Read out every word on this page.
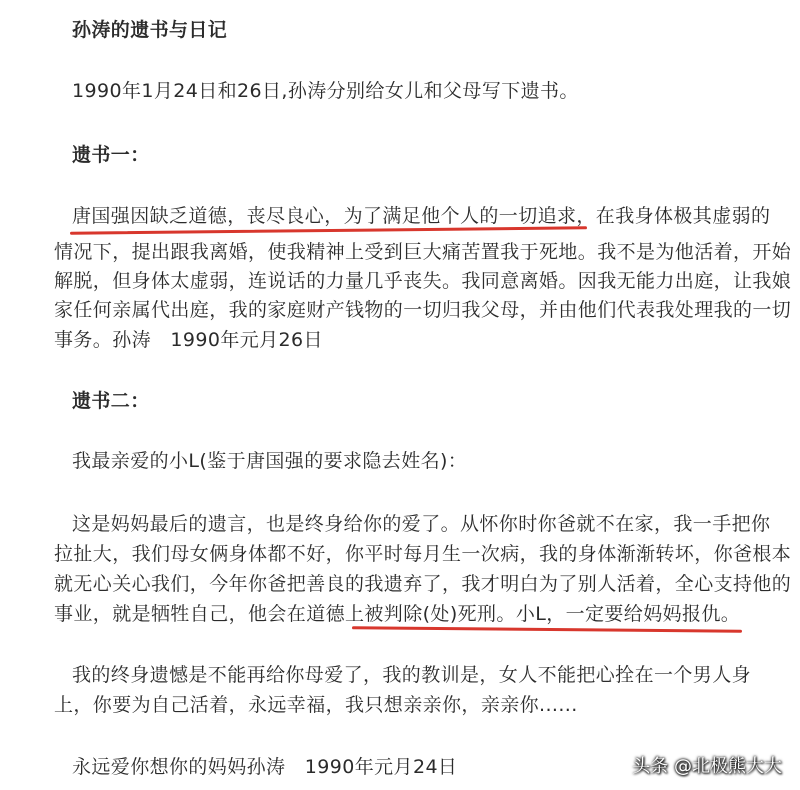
孙涛的遗书与日记
1990年1月24日和26日,孙涛分别给女儿和父母写下遗书。
遗书一：
唐国强因缺乏道德，丧尽良心，为了满足他个人的一切追求，在我身体极其虚弱的
情况下，提出跟我离婚，使我精神上受到巨大痛苦置我于死地。我不是为他活着，开始
解脱，但身体太虚弱，连说话的力量几乎丧失。我同意离婚。因我无能力出庭，让我娘
家任何亲属代出庭，我的家庭财产钱物的一切归我父母，并由他们代表我处理我的一切
事务。孙涛　1990年元月26日
遗书二：
我最亲爱的小L(鉴于唐国强的要求隐去姓名)：
这是妈妈最后的遗言，也是终身给你的爱了。从怀你时你爸就不在家，我一手把你
拉扯大，我们母女俩身体都不好，你平时每月生一次病，我的身体渐渐转坏，你爸根本
就无心关心我们，今年你爸把善良的我遗弃了，我才明白为了别人活着，全心支持他的
事业，就是牺牲自己，他会在道德上被判除(处)死刑。小L，一定要给妈妈报仇。
我的终身遗憾是不能再给你母爱了，我的教训是，女人不能把心拴在一个男人身
上，你要为自己活着，永远幸福，我只想亲亲你，亲亲你......
永远爱你想你的妈妈孙涛　1990年元月24日	头条 @北极熊大大
